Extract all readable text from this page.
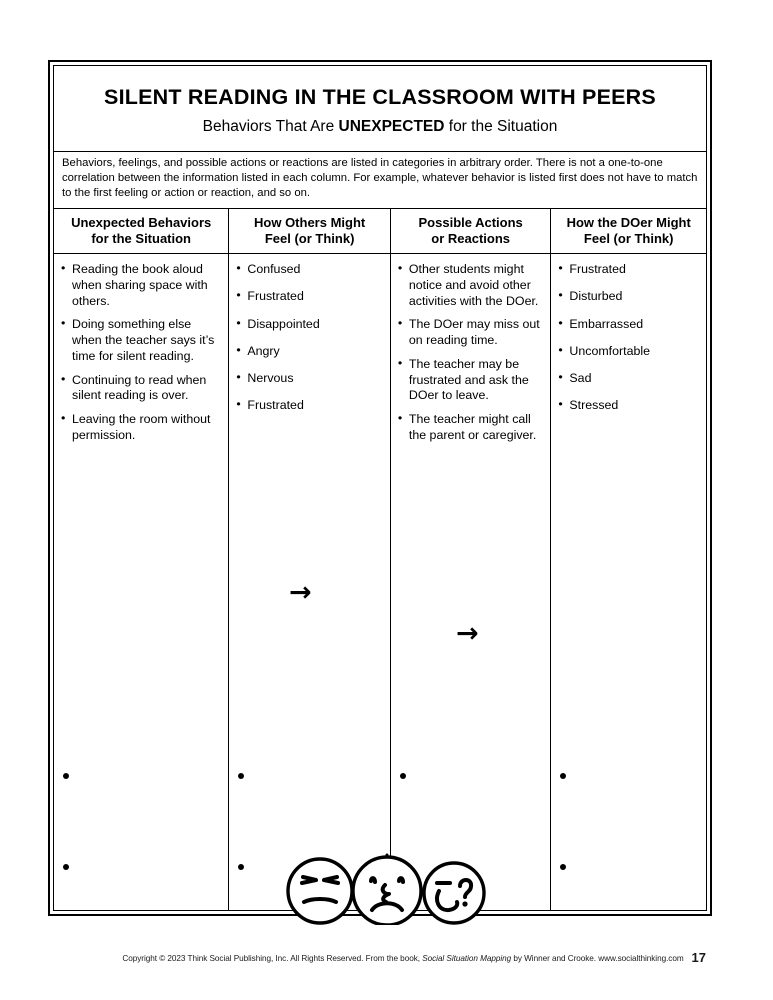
SILENT READING IN THE CLASSROOM WITH PEERS
Behaviors That Are UNEXPECTED for the Situation
Behaviors, feelings, and possible actions or reactions are listed in categories in arbitrary order. There is not a one-to-one correlation between the information listed in each column. For example, whatever behavior is listed first does not have to match to the first feeling or action or reaction, and so on.
Unexpected Behaviors
for the Situation
How Others Might
Feel (or Think)
Possible Actions
or Reactions
How the DOer Might
Feel (or Think)
• Reading the book aloud when sharing space with others.
• Doing something else when the teacher says it’s time for silent reading.
• Continuing to read when silent reading is over.
• Leaving the room without permission.
• Confused
• Frustrated
• Disappointed
• Angry
• Nervous
• Frustrated
• Other students might notice and avoid other activities with the DOer.
• The DOer may miss out on reading time.
• The teacher may be frustrated and ask the DOer to leave.
• The teacher might call the parent or caregiver.
• Frustrated
• Disturbed
• Embarrassed
• Uncomfortable
• Sad
• Stressed
→
→
Copyright © 2023 Think Social Publishing, Inc. All Rights Reserved. From the book, Social Situation Mapping by Winner and Crooke. www.socialthinking.com 17
